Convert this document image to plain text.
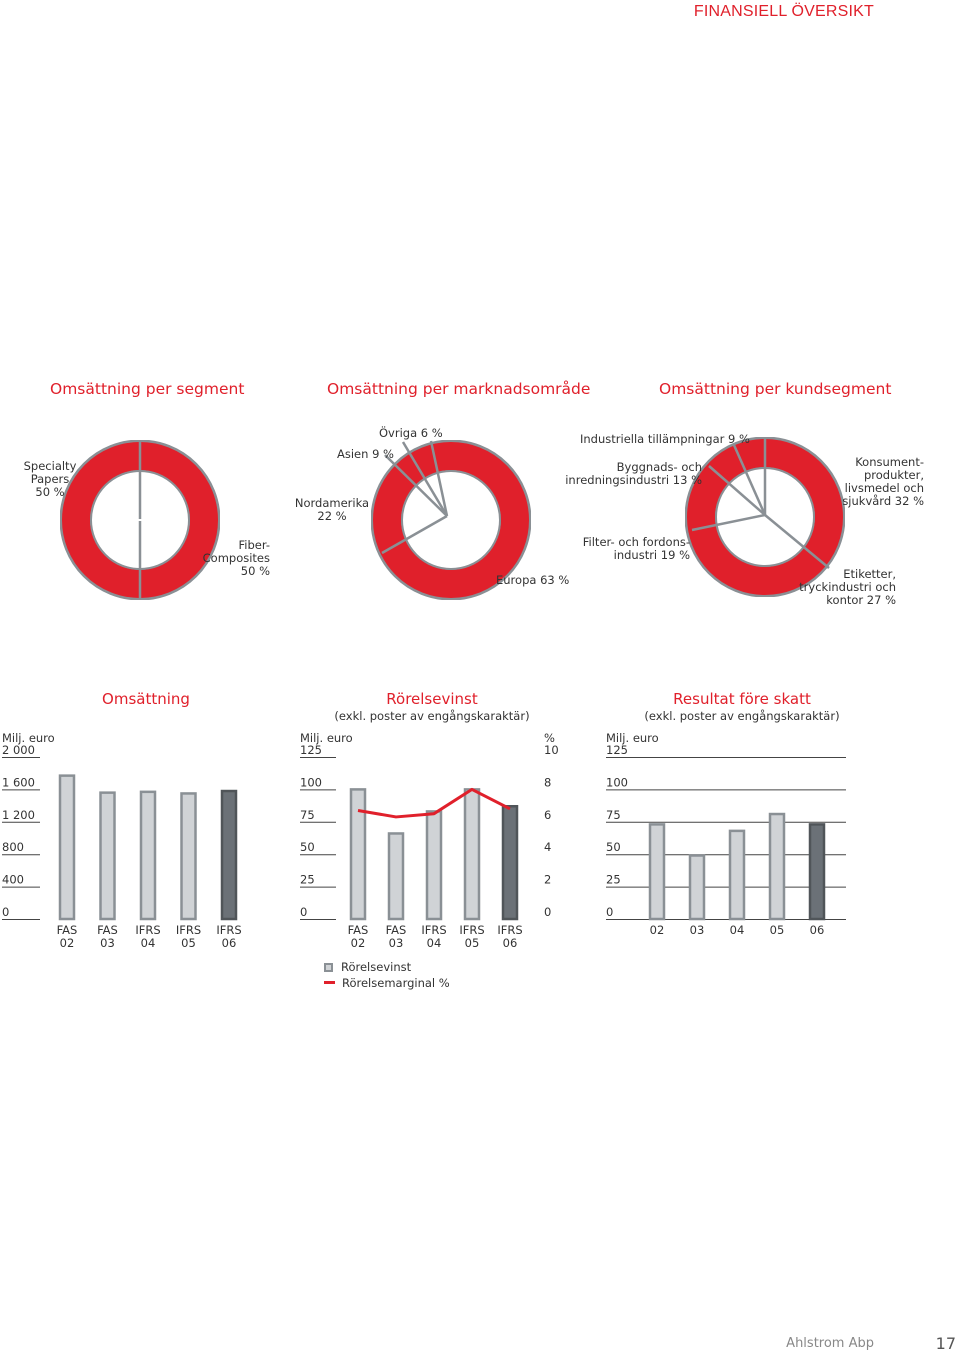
FINANSIELL ÖVERSIKT
Omsättning per segment	Omsättning per marknadsområde	Omsättning per kundsegment
Specialty
Papers
50 %
Fiber-
Composites
50 %
Övriga 6 %
Asien 9 %
Nordamerika
22 %
Europa 63 %
Industriella tillämpningar 9 %
Byggnads- och
inredningsindustri 13 %
Konsument-
produkter,
livsmedel och
sjukvård 32 %
Filter- och fordons-
industri 19 %
Etiketter,
tryckindustri och
kontor 27 %
Omsättning	Rörelsevinst
(exkl. poster av engångskaraktär)
Resultat före skatt
(exkl. poster av engångskaraktär)
Milj. euro
0
400
800
1 200
1 600
2 000
FAS
02
FAS
03
IFRS
04
IFRS
05
IFRS
06
Milj. euro
0
25
50
75
100
125
%
0
2
4
6
8
10
FAS
02
FAS
03
IFRS
04
IFRS
05
IFRS
06
Milj. euro
0
25
50
75
100
125
02 03 04 05 06
Rörelsevinst
Rörelsemarginal %
Ahlstrom Abp	17
